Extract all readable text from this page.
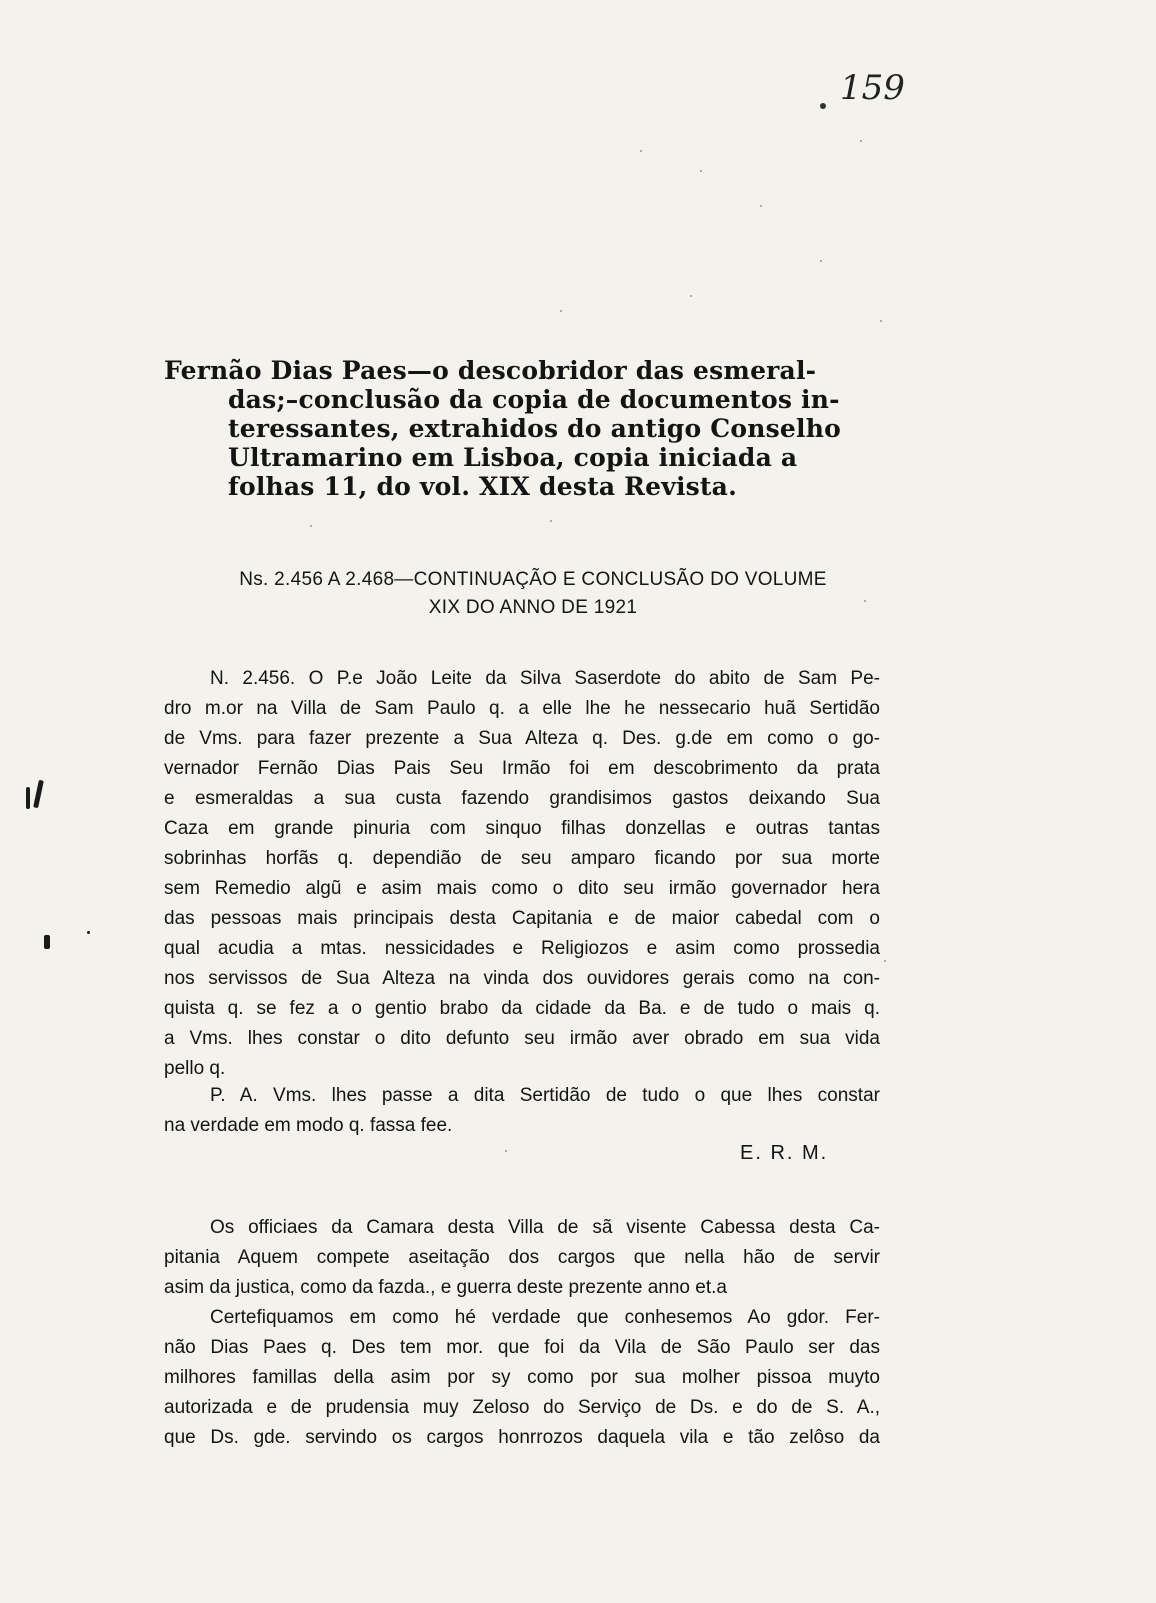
159
Fernão Dias Paes—o descobridor das esmeral-
das;–conclusão da copia de documentos in-
teressantes, extrahidos do antigo Conselho
Ultramarino em Lisboa, copia iniciada a
folhas 11, do vol. XIX desta Revista.
Ns. 2.456 A 2.468—CONTINUAÇÃO E CONCLUSÃO DO VOLUME
XIX DO ANNO DE 1921
N. 2.456. O P.e João Leite da Silva Saserdote do abito de Sam Pe-
dro m.or na Villa de Sam Paulo q. a elle lhe he nessecario huã Sertidão
de Vms. para fazer prezente a Sua Alteza q. Des. g.de em como o go-
vernador Fernão Dias Pais Seu Irmão foi em descobrimento da prata
e esmeraldas a sua custa fazendo grandisimos gastos deixando Sua
Caza em grande pinuria com sinquo filhas donzellas e outras tantas
sobrinhas horfãs q. dependião de seu amparo ficando por sua morte
sem Remedio algũ e asim mais como o dito seu irmão governador hera
das pessoas mais principais desta Capitania e de maior cabedal com o
qual acudia a mtas. nessicidades e Religiozos e asim como prossedia
nos servissos de Sua Alteza na vinda dos ouvidores gerais como na con-
quista q. se fez a o gentio brabo da cidade da Ba. e de tudo o mais q.
a Vms. lhes constar o dito defunto seu irmão aver obrado em sua vida
pello q.
P. A. Vms. lhes passe a dita Sertidão de tudo o que lhes constar
na verdade em modo q. fassa fee.
E. R. M.
Os officiaes da Camara desta Villa de sã visente Cabessa desta Ca-
pitania Aquem compete aseitação dos cargos que nella hão de servir
asim da justica, como da fazda., e guerra deste prezente anno et.a
Certefiquamos em como hé verdade que conhesemos Ao gdor. Fer-
não Dias Paes q. Des tem mor. que foi da Vila de São Paulo ser das
milhores famillas della asim por sy como por sua molher pissoa muyto
autorizada e de prudensia muy Zeloso do Serviço de Ds. e do de S. A.,
que Ds. gde. servindo os cargos honrrozos daquela vila e tão zelôso da
